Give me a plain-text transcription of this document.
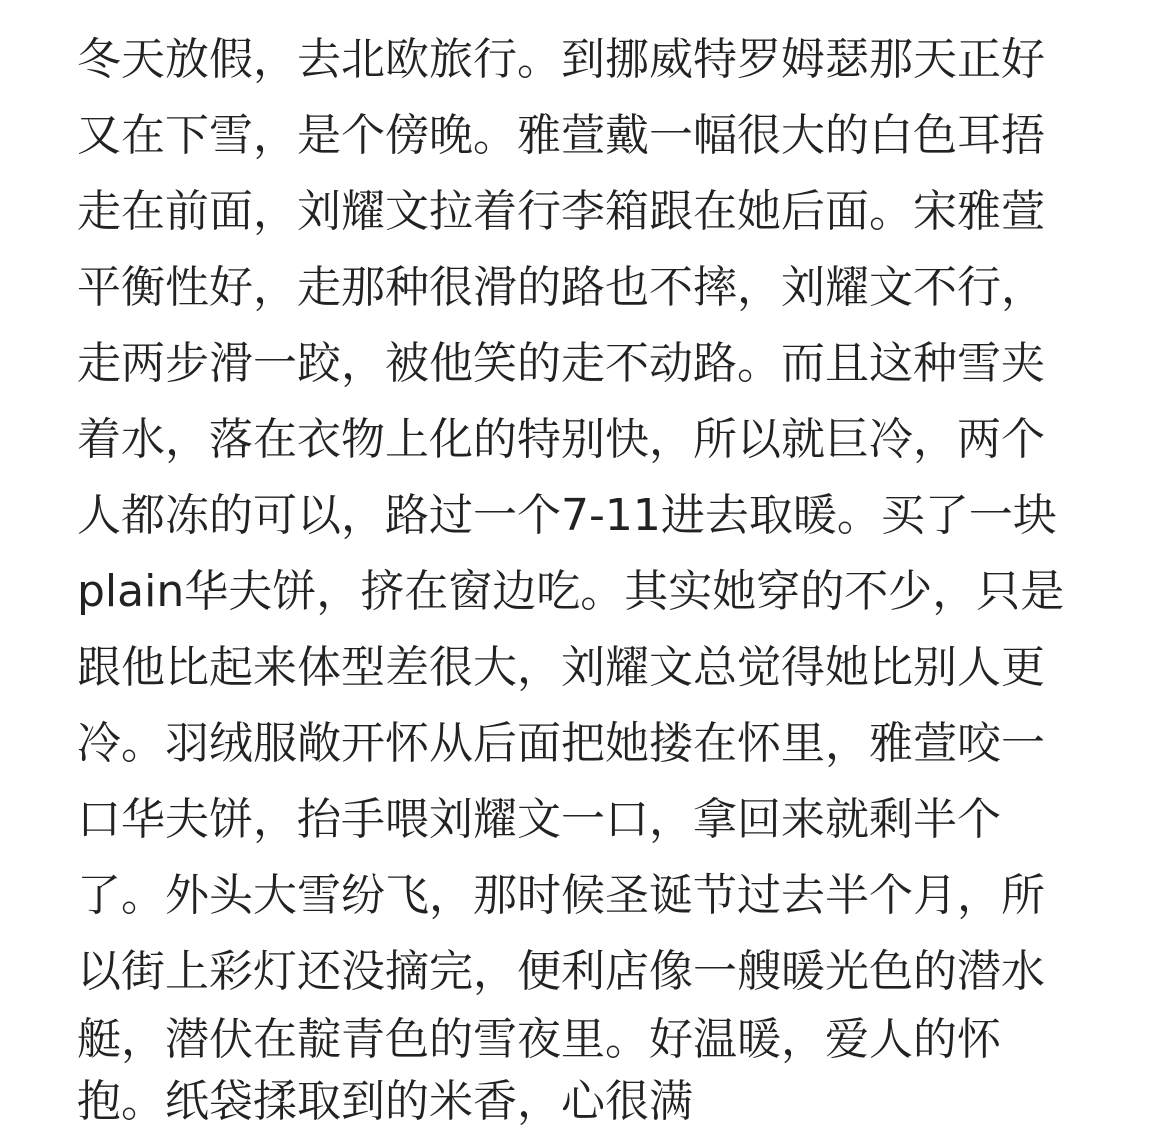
冬天放假，去北欧旅行。到挪威特罗姆瑟那天正好
又在下雪，是个傍晚。雅萱戴一幅很大的白色耳捂
走在前面，刘耀文拉着行李箱跟在她后面。宋雅萱
平衡性好，走那种很滑的路也不摔，刘耀文不行，
走两步滑一跤，被他笑的走不动路。而且这种雪夹
着水，落在衣物上化的特别快，所以就巨冷，两个
人都冻的可以，路过一个7-11进去取暖。买了一块
plain华夫饼，挤在窗边吃。其实她穿的不少，只是
跟他比起来体型差很大，刘耀文总觉得她比别人更
冷。羽绒服敞开怀从后面把她搂在怀里，雅萱咬一
口华夫饼，抬手喂刘耀文一口，拿回来就剩半个
了。外头大雪纷飞，那时候圣诞节过去半个月，所
以街上彩灯还没摘完，便利店像一艘暖光色的潜水
艇，潜伏在靛青色的雪夜里。好温暖，爱人的怀
抱。纸袋揉取到的米香，心很满
